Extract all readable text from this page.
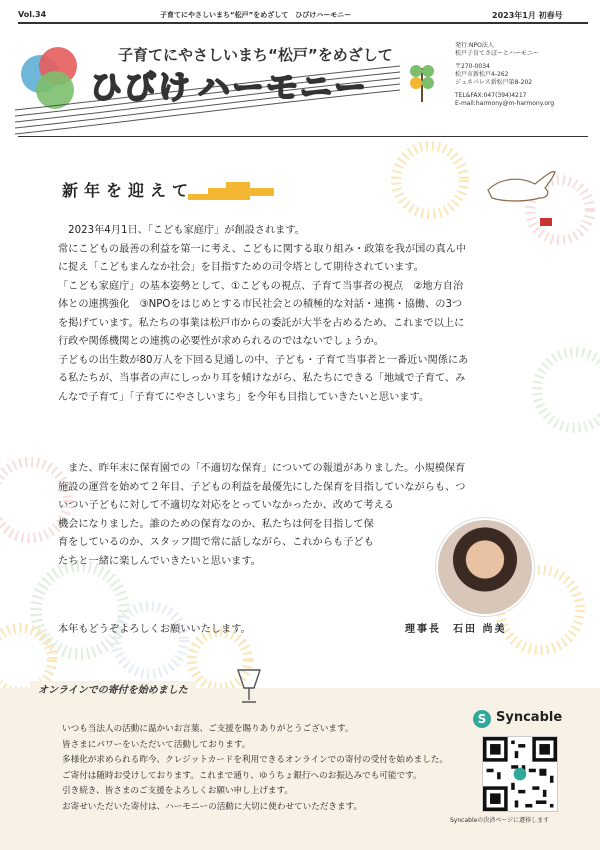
Vol.34	子育てにやさしいまち“松戸”をめざして　ひびけハーモニー	2023年1月 初春号
子育てにやさしいまち“松戸”をめざして
ひびけ ハーモニー
発行:NPO法人
松戸子育てさぽーとハーモニー
〒270-0034
松戸市新松戸4-262
ジュネパレス新松戸第8-202
TEL&FAX:047(394)4217
E-mail:harmony@m-harmony.org
新年を迎えて

　2023年4月1日、「こども家庭庁」が創設されます。

常にこどもの最善の利益を第一に考え、こどもに関する取り組み・政策を我が国の真ん中

に捉え「こどもまんなか社会」を目指すための司令塔として期待されています。

「こども家庭庁」の基本姿勢として、①こどもの視点、子育て当事者の視点　②地方自治

体との連携強化　③NPOをはじめとする市民社会との積極的な対話・連携・協働、の3つ

を掲げています。私たちの事業は松戸市からの委託が大半を占めるため、これまで以上に

行政や関係機関との連携の必要性が求められるのではないでしょうか。

子どもの出生数が80万人を下回る見通しの中、子ども・子育て当事者と一番近い関係にあ

る私たちが、当事者の声にしっかり耳を傾けながら、私たちにできる「地域で子育て、み

んなで子育て」「子育てにやさしいまち」を今年も目指していきたいと思います。

　また、昨年末に保育園での「不適切な保育」についての報道がありました。小規模保育

施設の運営を始めて２年目、子どもの利益を最優先にした保育を目指していながらも、つ

いつい子どもに対して不適切な対応をとっていなかったか、改めて考える

機会になりました。誰のための保育なのか、私たちは何を目指して保

育をしているのか、スタッフ間で常に話しながら、これからも子ども

たちと一緒に楽しんでいきたいと思います。

本年もどうぞよろしくお願いいたします。	理事長　石田 尚美
オンラインでの寄付を始めました

いつも当法人の活動に温かいお言葉、ご支援を賜りありがとうございます。

皆さまにパワーをいただいて活動しております。

多様化が求められる昨今、クレジットカードを利用できるオンラインでの寄付の受付を始めました。

ご寄付は随時お受けしております。これまで通り、ゆうちょ銀行へのお振込みでも可能です。

引き続き、皆さまのご支援をよろしくお願い申し上げます。

お寄せいただいた寄付は、ハーモニーの活動に大切に使わせていただきます。

S Syncable
Syncableの決済ページに遷移します
